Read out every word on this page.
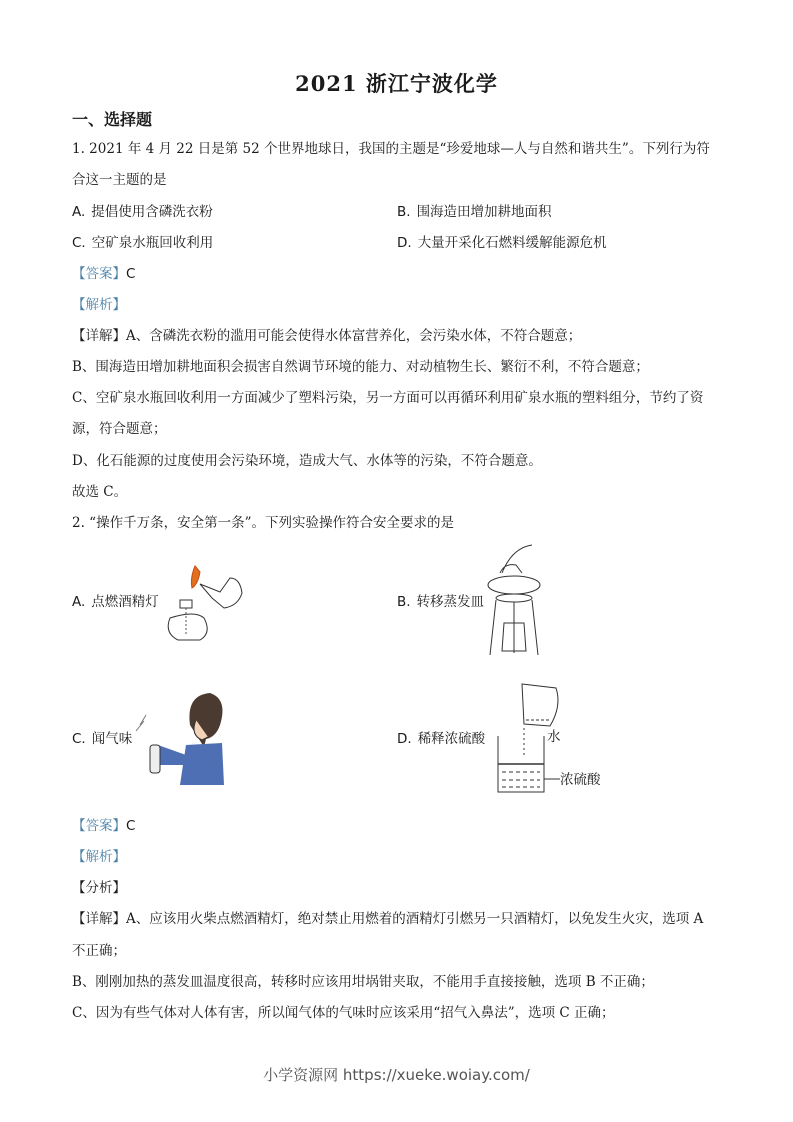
2021 浙江宁波化学
一、选择题
1. 2021 年 4 月 22 日是第 52 个世界地球日，我国的主题是“珍爱地球—人与自然和谐共生”。下列行为符
合这一主题的是
A. 提倡使用含磷洗衣粉	B. 围海造田增加耕地面积
C. 空矿泉水瓶回收利用	D. 大量开采化石燃料缓解能源危机
【答案】C
【解析】
【详解】A、含磷洗衣粉的滥用可能会使得水体富营养化，会污染水体，不符合题意；
B、围海造田增加耕地面积会损害自然调节环境的能力、对动植物生长、繁衍不利，不符合题意；
C、空矿泉水瓶回收利用一方面减少了塑料污染，另一方面可以再循环利用矿泉水瓶的塑料组分，节约了资
源，符合题意；
D、化石能源的过度使用会污染环境，造成大气、水体等的污染，不符合题意。
故选 C。
2. “操作千万条，安全第一条”。下列实验操作符合安全要求的是
A. 点燃酒精灯	B. 转移蒸发皿
C. 闻气味	D. 稀释浓硫酸	水
浓硫酸
【答案】C
【解析】
【分析】
【详解】A、应该用火柴点燃酒精灯，绝对禁止用燃着的酒精灯引燃另一只酒精灯，以免发生火灾，选项 A
不正确；
B、刚刚加热的蒸发皿温度很高，转移时应该用坩埚钳夹取，不能用手直接接触，选项 B 不正确；
C、因为有些气体对人体有害，所以闻气体的气味时应该采用“招气入鼻法”，选项 C 正确；
小学资源网 https://xueke.woiay.com/
